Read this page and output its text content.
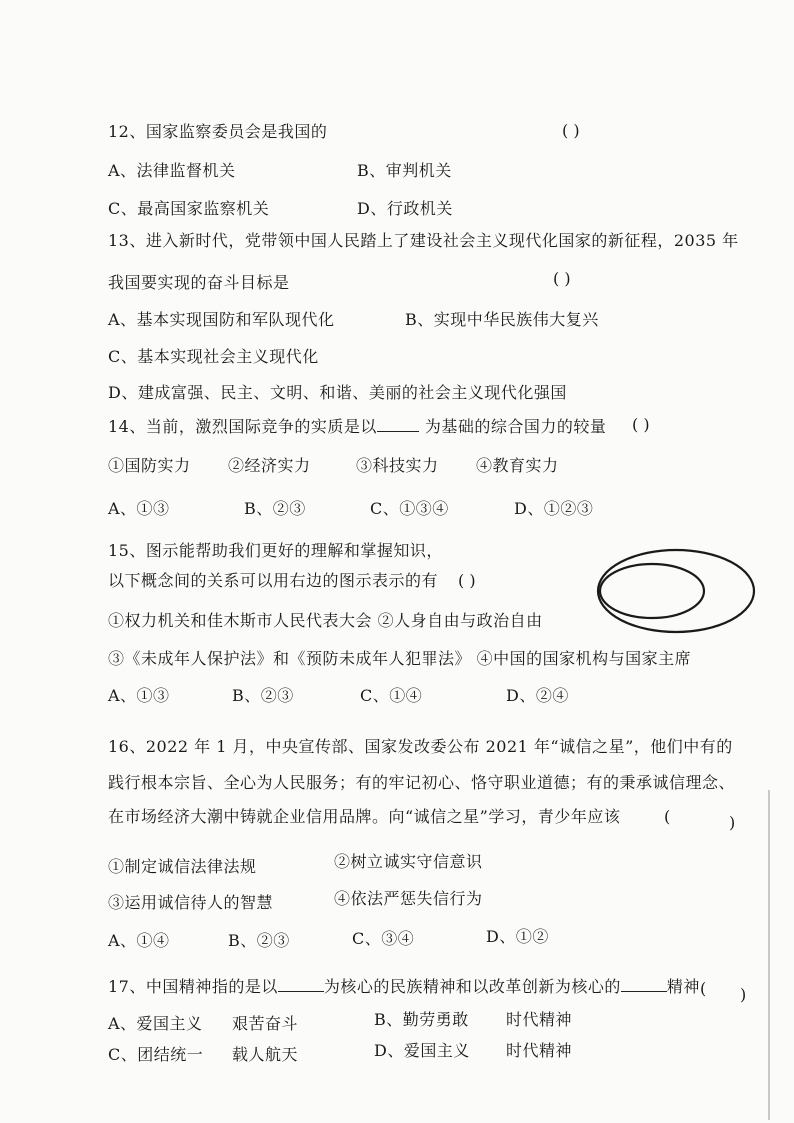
12、国家监察委员会是我国的	( )
A、法律监督机关	B、审判机关
C、最高国家监察机关	D、行政机关
13、进入新时代，党带领中国人民踏上了建设社会主义现代化国家的新征程，2035 年
我国要实现的奋斗目标是	( )
A、基本实现国防和军队现代化	B、实现中华民族伟大复兴
C、基本实现社会主义现代化
D、建成富强、民主、文明、和谐、美丽的社会主义现代化强国
14、当前，激烈国际竞争的实质是以	为基础的综合国力的较量 ( )
①国防实力 ②经济实力	③科技实力 ④教育实力
A、①③	B、②③	C、①③④	D、①②③
15、图示能帮助我们更好的理解和掌握知识，
以下概念间的关系可以用右边的图示表示的有 ( )
①权力机关和佳木斯市人民代表大会 ②人身自由与政治自由
③《未成年人保护法》和《预防未成年人犯罪法》 ④中国的国家机构与国家主席
A、①③	B、②③	C、①④	D、②④
16、2022 年 1 月，中央宣传部、国家发改委公布 2021 年“诚信之星”，他们中有的
践行根本宗旨、全心为人民服务；有的牢记初心、恪守职业道德；有的秉承诚信理念、
在市场经济大潮中铸就企业信用品牌。向“诚信之星”学习，青少年应该	(	)
①制定诚信法律法规	②树立诚实守信意识
③运用诚信待人的智慧	④依法严惩失信行为
A、①④	B、②③	C、③④	D、①②
17、中国精神指的是以	为核心的民族精神和以改革创新为核心的	精神 ( )
A、爱国主义 艰苦奋斗	B、勤劳勇敢 时代精神
C、团结统一 载人航天	D、爱国主义 时代精神
